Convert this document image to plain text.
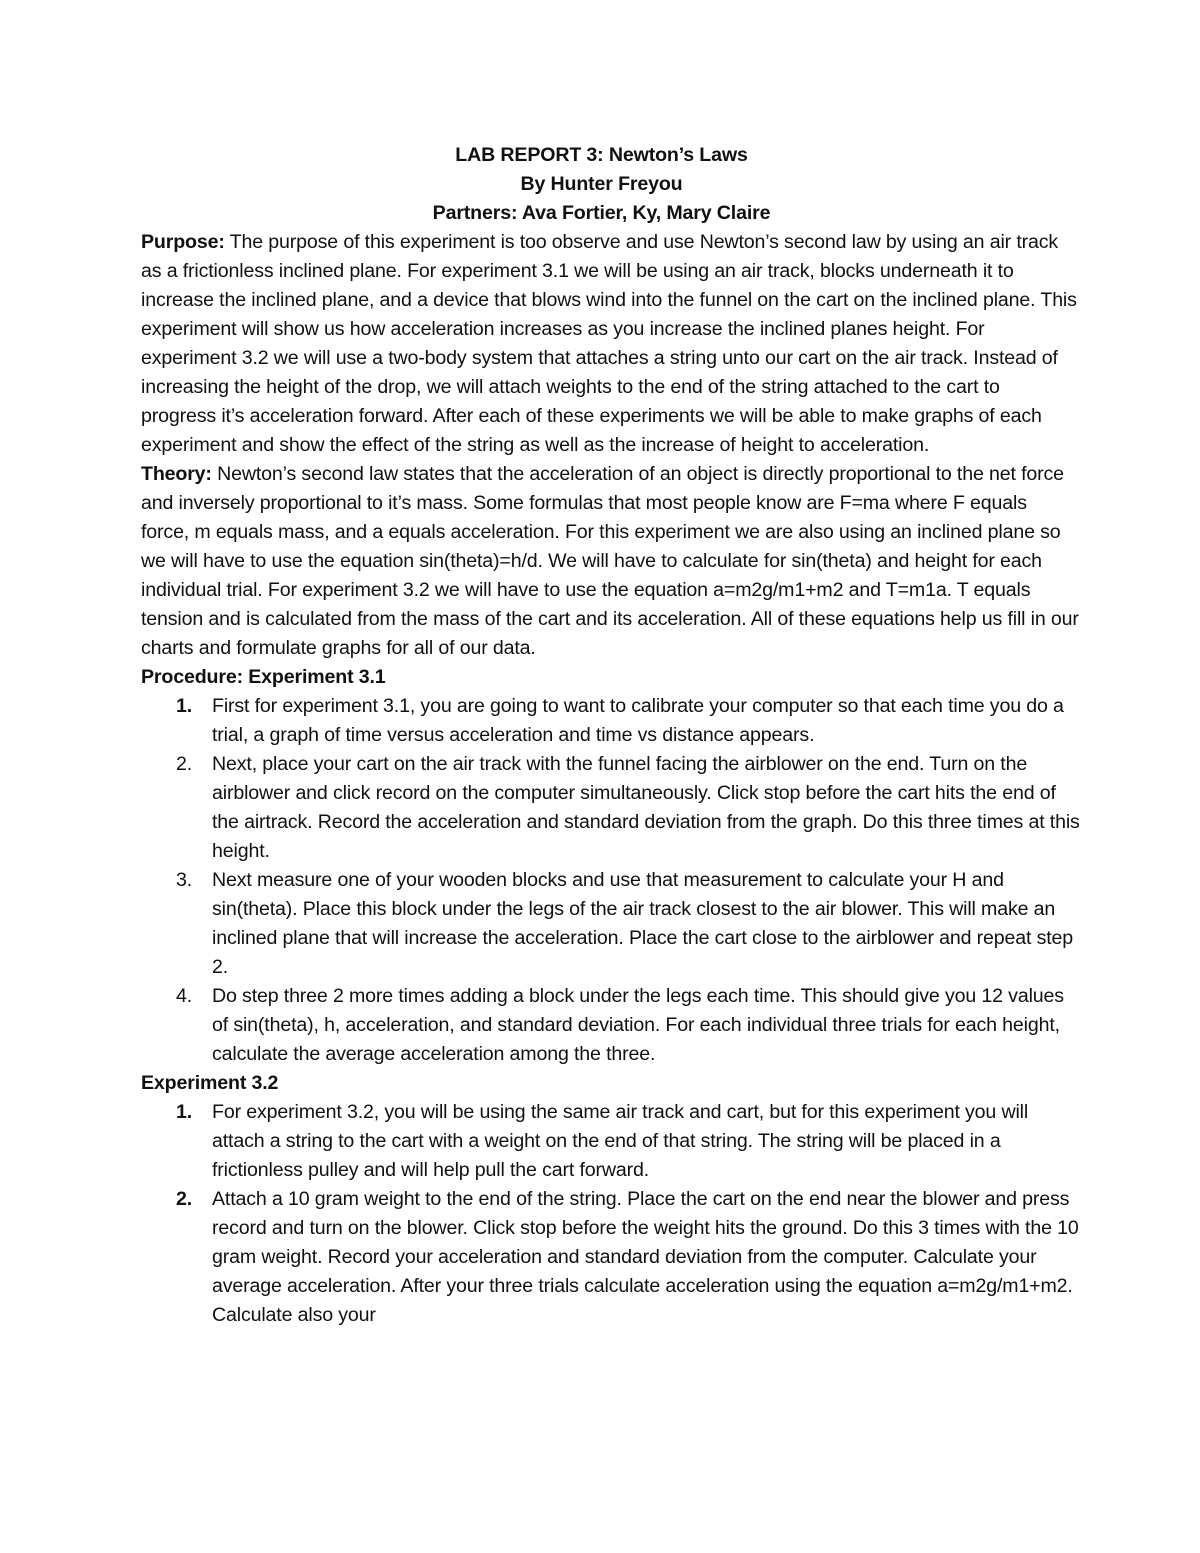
LAB REPORT 3: Newton’s Laws

By Hunter Freyou

Partners: Ava Fortier, Ky, Mary Claire

Purpose: The purpose of this experiment is too observe and use Newton’s second law by using an air track as a frictionless inclined plane. For experiment 3.1 we will be using an air track, blocks underneath it to increase the inclined plane, and a device that blows wind into the funnel on the cart on the inclined plane. This experiment will show us how acceleration increases as you increase the inclined planes height. For experiment 3.2 we will use a two-body system that attaches a string unto our cart on the air track. Instead of increasing the height of the drop, we will attach weights to the end of the string attached to the cart to progress it’s acceleration forward. After each of these experiments we will be able to make graphs of each experiment and show the effect of the string as well as the increase of height to acceleration.

Theory: Newton’s second law states that the acceleration of an object is directly proportional to the net force and inversely proportional to it’s mass. Some formulas that most people know are F=ma where F equals force, m equals mass, and a equals acceleration. For this experiment we are also using an inclined plane so we will have to use the equation sin(theta)=h/d. We will have to calculate for sin(theta) and height for each individual trial. For experiment 3.2 we will have to use the equation a=m2g/m1+m2 and T=m1a. T equals tension and is calculated from the mass of the cart and its acceleration. All of these equations help us fill in our charts and formulate graphs for all of our data.

Procedure: Experiment 3.1

1. First for experiment 3.1, you are going to want to calibrate your computer so that each time you do a trial, a graph of time versus acceleration and time vs distance appears.
2. Next, place your cart on the air track with the funnel facing the airblower on the end. Turn on the airblower and click record on the computer simultaneously. Click stop before the cart hits the end of the airtrack. Record the acceleration and standard deviation from the graph. Do this three times at this height.
3. Next measure one of your wooden blocks and use that measurement to calculate your H and sin(theta). Place this block under the legs of the air track closest to the air blower. This will make an inclined plane that will increase the acceleration. Place the cart close to the airblower and repeat step 2.
4. Do step three 2 more times adding a block under the legs each time. This should give you 12 values of sin(theta), h, acceleration, and standard deviation. For each individual three trials for each height, calculate the average acceleration among the three.

Experiment 3.2

1. For experiment 3.2, you will be using the same air track and cart, but for this experiment you will attach a string to the cart with a weight on the end of that string. The string will be placed in a frictionless pulley and will help pull the cart forward.
2. Attach a 10 gram weight to the end of the string. Place the cart on the end near the blower and press record and turn on the blower. Click stop before the weight hits the ground. Do this 3 times with the 10 gram weight. Record your acceleration and standard deviation from the computer. Calculate your average acceleration. After your three trials calculate acceleration using the equation a=m2g/m1+m2. Calculate also your
